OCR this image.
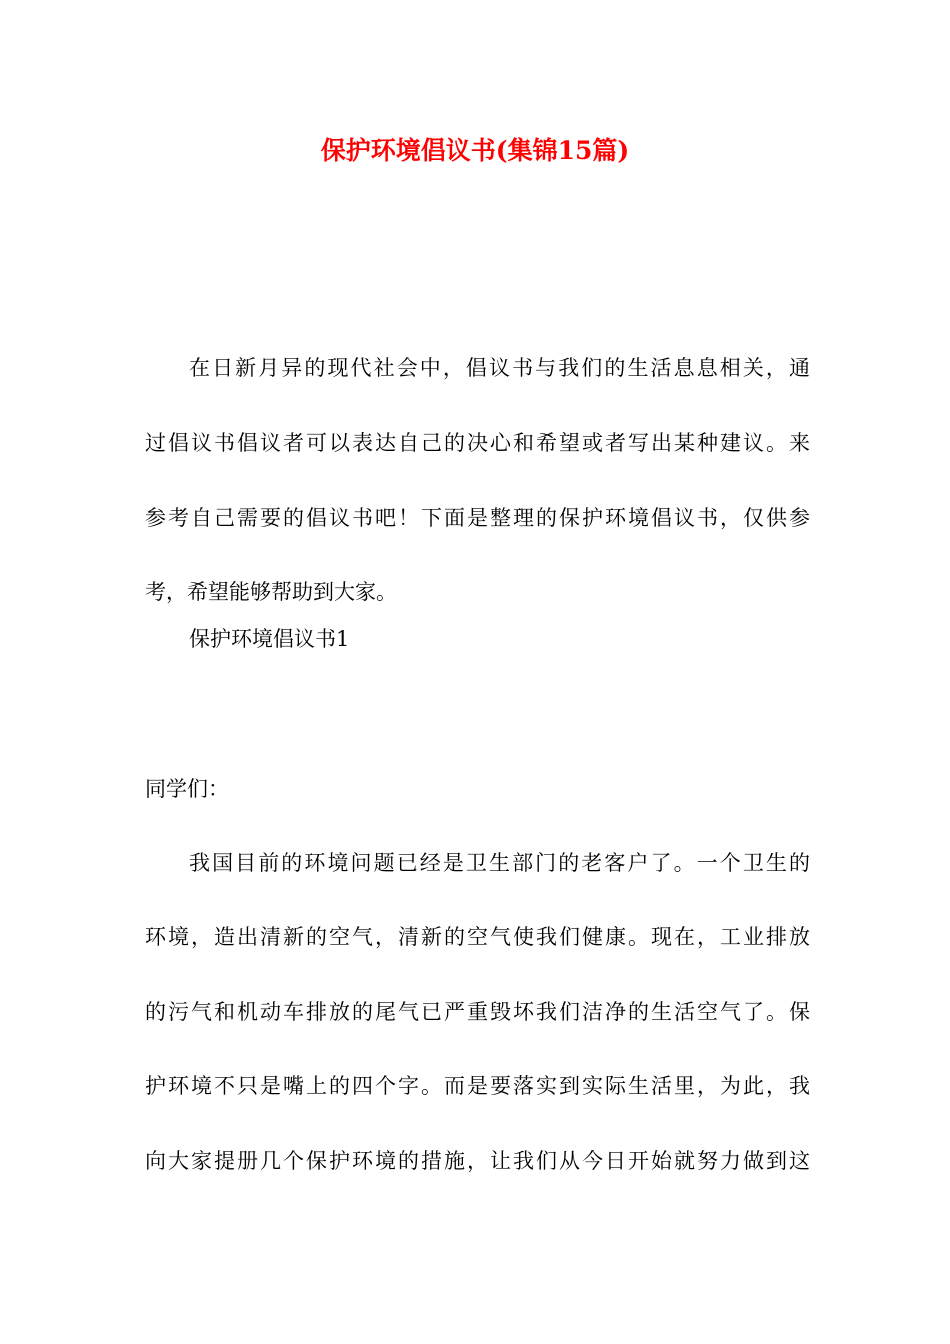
保护环境倡议书(集锦15篇)
在日新月异的现代社会中，倡议书与我们的生活息息相关，通
过倡议书倡议者可以表达自己的决心和希望或者写出某种建议。来
参考自己需要的倡议书吧！下面是整理的保护环境倡议书，仅供参
考，希望能够帮助到大家。
保护环境倡议书1
同学们：
我国目前的环境问题已经是卫生部门的老客户了。一个卫生的
环境，造出清新的空气，清新的空气使我们健康。现在，工业排放
的污气和机动车排放的尾气已严重毁坏我们洁净的生活空气了。保
护环境不只是嘴上的四个字。而是要落实到实际生活里，为此，我
向大家提册几个保护环境的措施，让我们从今日开始就努力做到这
